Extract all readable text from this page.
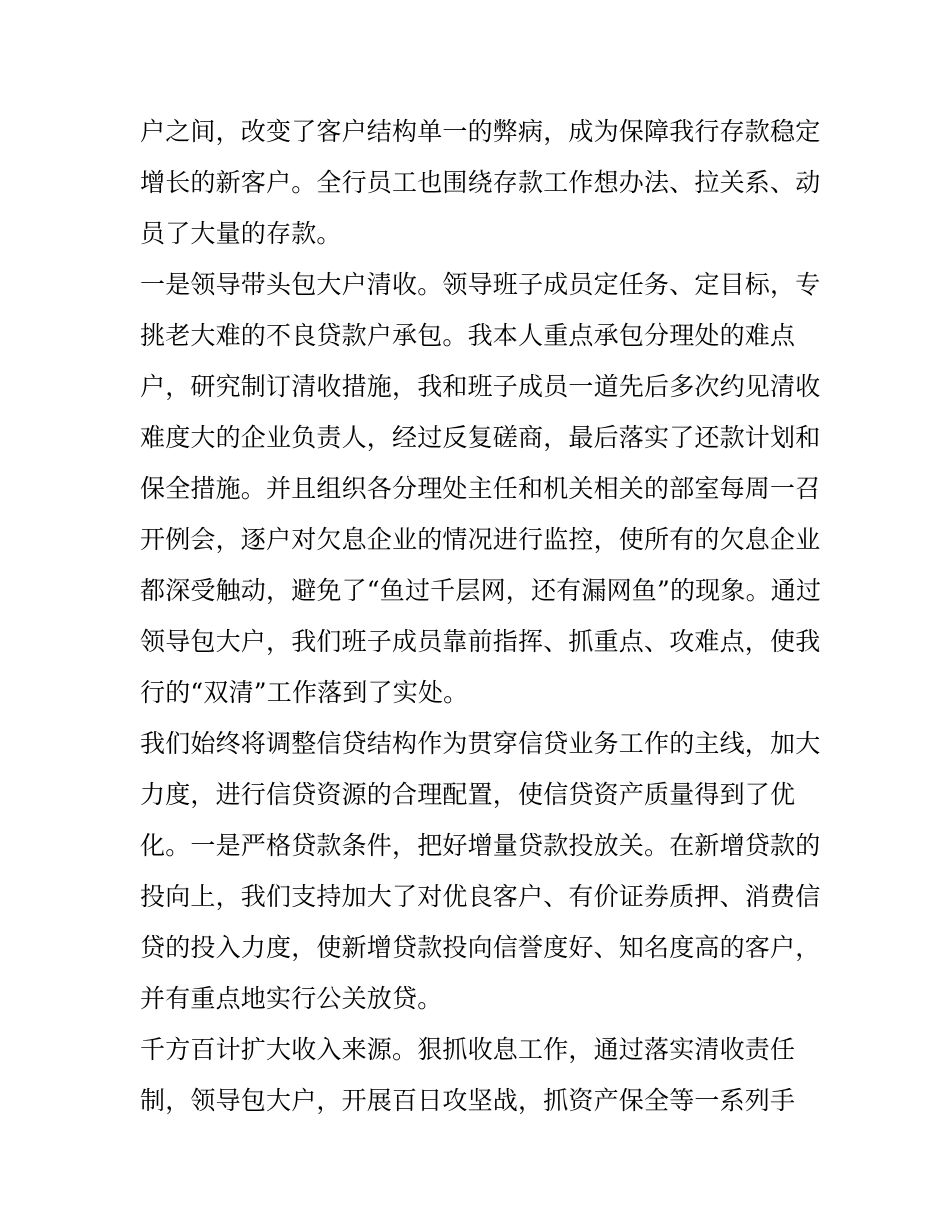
户之间，改变了客户结构单一的弊病，成为保障我行存款稳定
增长的新客户。全行员工也围绕存款工作想办法、拉关系、动
员了大量的存款。
一是领导带头包大户清收。领导班子成员定任务、定目标，专
挑老大难的不良贷款户承包。我本人重点承包分理处的难点
户，研究制订清收措施，我和班子成员一道先后多次约见清收
难度大的企业负责人，经过反复磋商，最后落实了还款计划和
保全措施。并且组织各分理处主任和机关相关的部室每周一召
开例会，逐户对欠息企业的情况进行监控，使所有的欠息企业
都深受触动，避免了“鱼过千层网，还有漏网鱼”的现象。通过
领导包大户，我们班子成员靠前指挥、抓重点、攻难点，使我
行的“双清”工作落到了实处。
我们始终将调整信贷结构作为贯穿信贷业务工作的主线，加大
力度，进行信贷资源的合理配置，使信贷资产质量得到了优
化。一是严格贷款条件，把好增量贷款投放关。在新增贷款的
投向上，我们支持加大了对优良客户、有价证券质押、消费信
贷的投入力度，使新增贷款投向信誉度好、知名度高的客户，
并有重点地实行公关放贷。
千方百计扩大收入来源。狠抓收息工作，通过落实清收责任
制，领导包大户，开展百日攻坚战，抓资产保全等一系列手
